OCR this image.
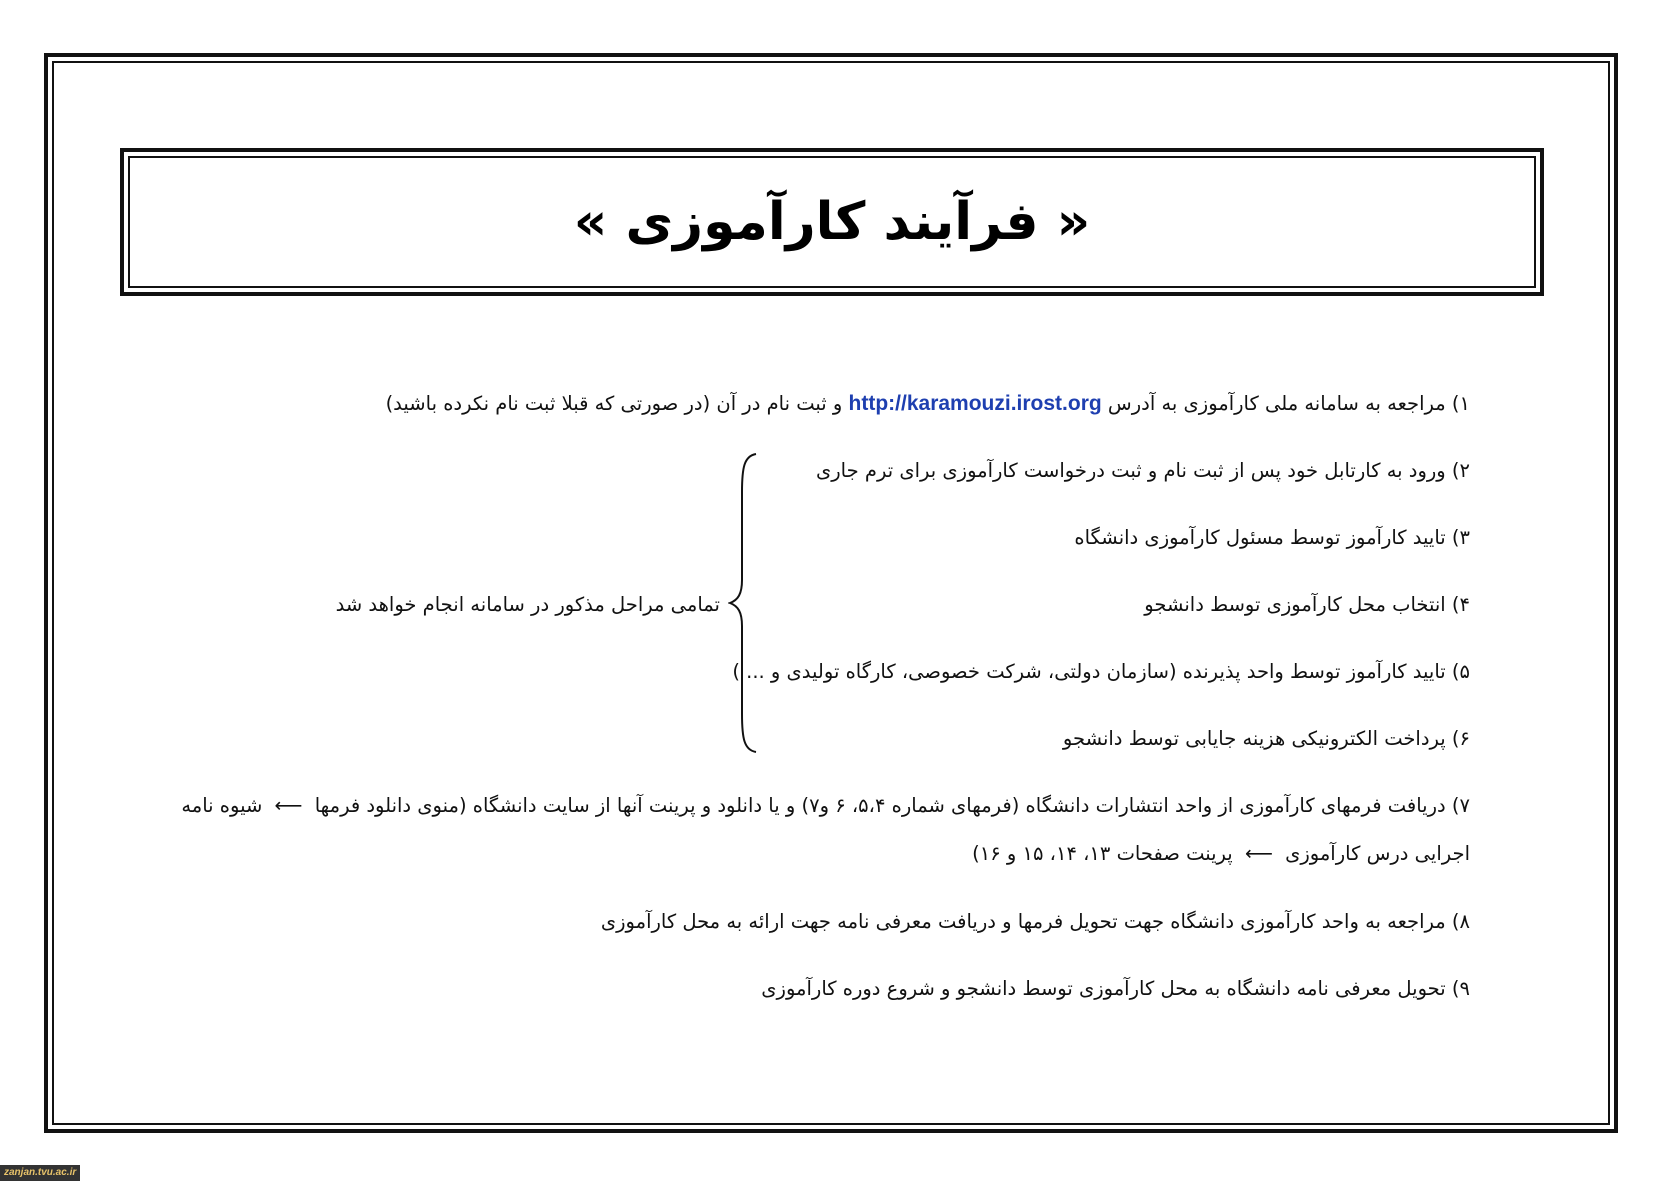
« فرآیند کارآموزی »
۱) مراجعه به سامانه ملی کارآموزی به آدرس http://karamouzi.irost.org و ثبت نام در آن (در صورتی که قبلا ثبت نام نکرده باشید)
۲) ورود به کارتابل خود پس از ثبت نام و ثبت درخواست کارآموزی برای ترم جاری
۳) تایید کارآموز توسط مسئول کارآموزی دانشگاه
۴) انتخاب محل کارآموزی توسط دانشجو
۵) تایید کارآموز توسط واحد پذیرنده (سازمان دولتی، شرکت خصوصی، کارگاه تولیدی و ... )
۶) پرداخت الکترونیکی هزینه جایابی توسط دانشجو
تمامی مراحل مذکور در سامانه انجام خواهد شد
۷) دریافت فرمهای کارآموزی از واحد انتشارات دانشگاه (فرمهای شماره ۵،۴، ۶ و۷) و یا دانلود و پرینت آنها از سایت دانشگاه (منوی دانلود فرمها ⟵ شیوه نامه
اجرایی درس کارآموزی ⟵ پرینت صفحات ۱۳، ۱۴، ۱۵ و ۱۶)
۸) مراجعه به واحد کارآموزی دانشگاه جهت تحویل فرمها و دریافت معرفی نامه جهت ارائه به محل کارآموزی
۹) تحویل معرفی نامه دانشگاه به محل کارآموزی توسط دانشجو و شروع دوره کارآموزی
zanjan.tvu.ac.ir
